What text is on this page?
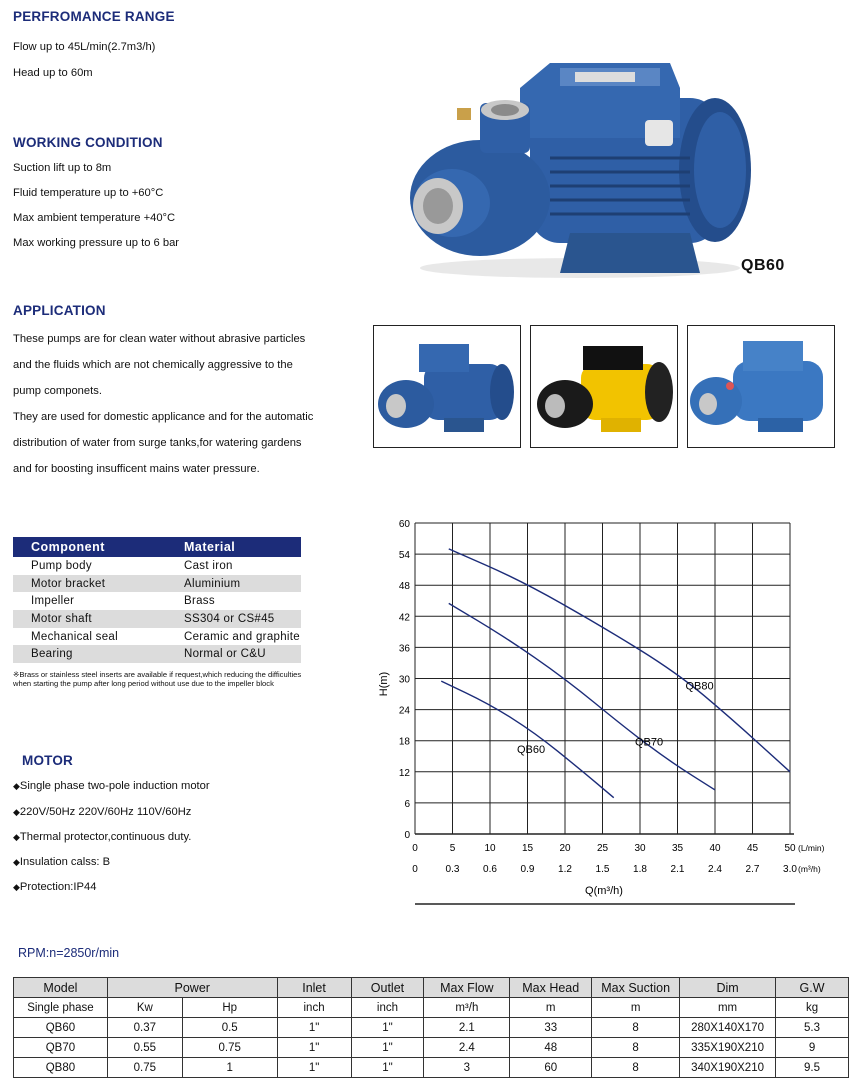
PERFROMANCE RANGE
Flow up to 45L/min(2.7m3/h)
Head up to 60m
WORKING CONDITION
Suction lift up to 8m
Fluid temperature up to +60°C
Max ambient temperature +40°C
Max working pressure up to 6 bar
QB60
APPLICATION
These pumps are for clean water without abrasive particles
and the fluids which are not chemically aggressive to the
pump componets.
They are used for domestic applicance and for the automatic
distribution of water from surge tanks,for watering gardens
and for boosting insufficent mains water pressure.
Component	Material
Pump body	Cast iron
Motor bracket	Aluminium
Impeller	Brass
Motor shaft	SS304 or CS#45
Mechanical seal	Ceramic and graphite
Bearing	Normal or C&U
※Brass or stainless steel inserts are available if request,which reducing the difficulties when starting the pump after long period without use due to the impeller block
MOTOR
◆Single phase two-pole induction motor
◆220V/50Hz 220V/60Hz 110V/60Hz
◆Thermal protector,continuous duty.
◆Insulation calss: B
◆Protection:IP44
0
6
12
18
24
30
36
42
48
54
60
0
0
5	10	15	20	25	30	35	40	45	50
0.3 0.6 0.9 1.2 1.5 1.8 2.1 2.4 2.7 3.0
QB60
QB70
QB80
H(m)
Q(m³/h)
(L/min)
(m³/h)
RPM:n=2850r/min
Model	Power		Inlet	Outlet	Max Flow	Max Head	Max Suction	Dim	G.W
Single phase	Kw	Hp	inch	inch	m³/h	m	m	mm	kg
QB60	0.37	0.5	1"	1"	2.1	33	8	280X140X170	5.3
QB70	0.55	0.75	1"	1"	2.4	48	8	335X190X210	9
QB80	0.75	1	1"	1"	3	60	8	340X190X210	9.5
